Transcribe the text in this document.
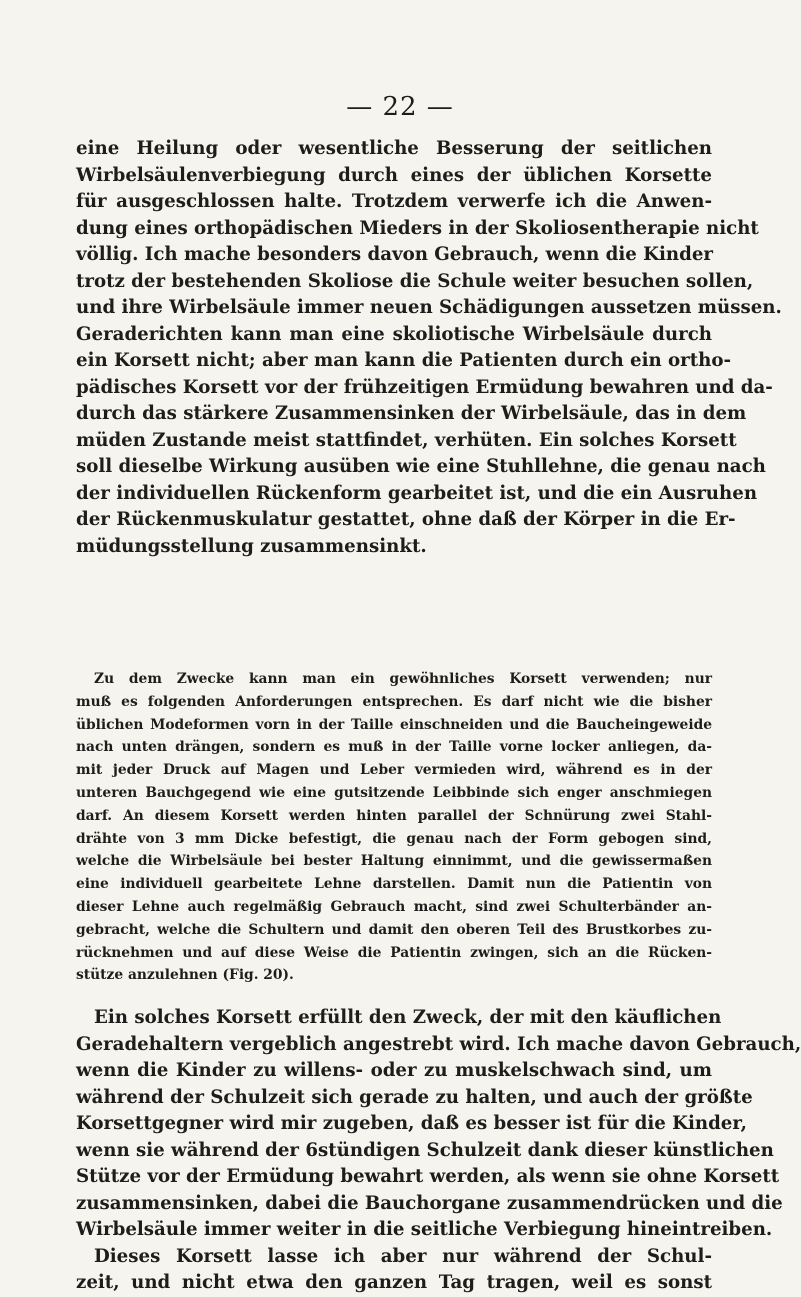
— 22 —
eine Heilung oder wesentliche Besserung der seitlichen
Wirbelsäulenverbiegung durch eines der üblichen Korsette
für ausgeschlossen halte. Trotzdem verwerfe ich die Anwen-
dung eines orthopädischen Mieders in der Skoliosentherapie nicht
völlig. Ich mache besonders davon Gebrauch, wenn die Kinder
trotz der bestehenden Skoliose die Schule weiter besuchen sollen,
und ihre Wirbelsäule immer neuen Schädigungen aussetzen müssen.
Geraderichten kann man eine skoliotische Wirbelsäule durch
ein Korsett nicht; aber man kann die Patienten durch ein ortho-
pädisches Korsett vor der frühzeitigen Ermüdung bewahren und da-
durch das stärkere Zusammensinken der Wirbelsäule, das in dem
müden Zustande meist stattfindet, verhüten. Ein solches Korsett
soll dieselbe Wirkung ausüben wie eine Stuhllehne, die genau nach
der individuellen Rückenform gearbeitet ist, und die ein Ausruhen
der Rückenmuskulatur gestattet, ohne daß der Körper in die Er-
müdungsstellung zusammensinkt.
Zu dem Zwecke kann man ein gewöhnliches Korsett verwenden; nur
muß es folgenden Anforderungen entsprechen. Es darf nicht wie die bisher
üblichen Modeformen vorn in der Taille einschneiden und die Baucheingeweide
nach unten drängen, sondern es muß in der Taille vorne locker anliegen, da-
mit jeder Druck auf Magen und Leber vermieden wird, während es in der
unteren Bauchgegend wie eine gutsitzende Leibbinde sich enger anschmiegen
darf. An diesem Korsett werden hinten parallel der Schnürung zwei Stahl-
drähte von 3 mm Dicke befestigt, die genau nach der Form gebogen sind,
welche die Wirbelsäule bei bester Haltung einnimmt, und die gewissermaßen
eine individuell gearbeitete Lehne darstellen. Damit nun die Patientin von
dieser Lehne auch regelmäßig Gebrauch macht, sind zwei Schulterbänder an-
gebracht, welche die Schultern und damit den oberen Teil des Brustkorbes zu-
rücknehmen und auf diese Weise die Patientin zwingen, sich an die Rücken-
stütze anzulehnen (Fig. 20).
Ein solches Korsett erfüllt den Zweck, der mit den käuflichen
Geradehaltern vergeblich angestrebt wird. Ich mache davon Gebrauch,
wenn die Kinder zu willens- oder zu muskelschwach sind, um
während der Schulzeit sich gerade zu halten, und auch der größte
Korsettgegner wird mir zugeben, daß es besser ist für die Kinder,
wenn sie während der 6stündigen Schulzeit dank dieser künstlichen
Stütze vor der Ermüdung bewahrt werden, als wenn sie ohne Korsett
zusammensinken, dabei die Bauchorgane zusammendrücken und die
Wirbelsäule immer weiter in die seitliche Verbiegung hineintreiben.
Dieses Korsett lasse ich aber nur während der Schul-
zeit, und nicht etwa den ganzen Tag tragen, weil es sonst
